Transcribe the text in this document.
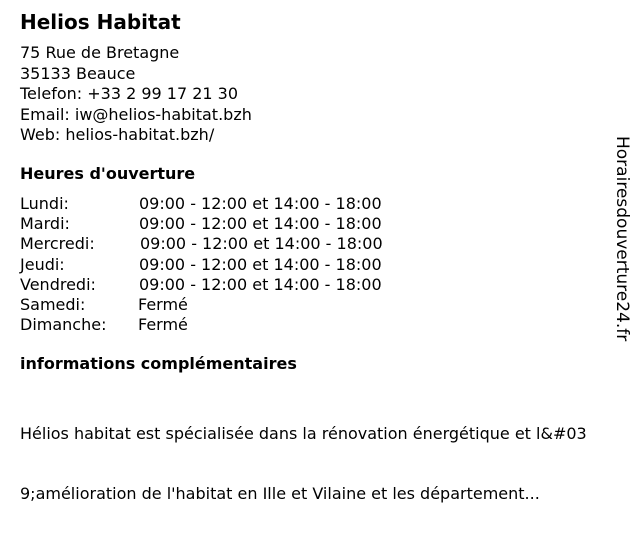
Helios Habitat
75 Rue de Bretagne
35133 Beauce
Telefon: +33 2 99 17 21 30
Email: iw@helios-habitat.bzh
Web: helios-habitat.bzh/
Heures d'ouverture
Lundi:	09:00 - 12:00 et 14:00 - 18:00
Mardi:	09:00 - 12:00 et 14:00 - 18:00
Mercredi:	09:00 - 12:00 et 14:00 - 18:00
Jeudi:	09:00 - 12:00 et 14:00 - 18:00
Vendredi:	09:00 - 12:00 et 14:00 - 18:00
Samedi:	Fermé
Dimanche: Fermé
informations complémentaires

Hélios habitat est spécialisée dans la rénovation énergétique et l&#03

9;amélioration de l'habitat en Ille et Vilaine et les département...

Horairesdouverture24.fr
